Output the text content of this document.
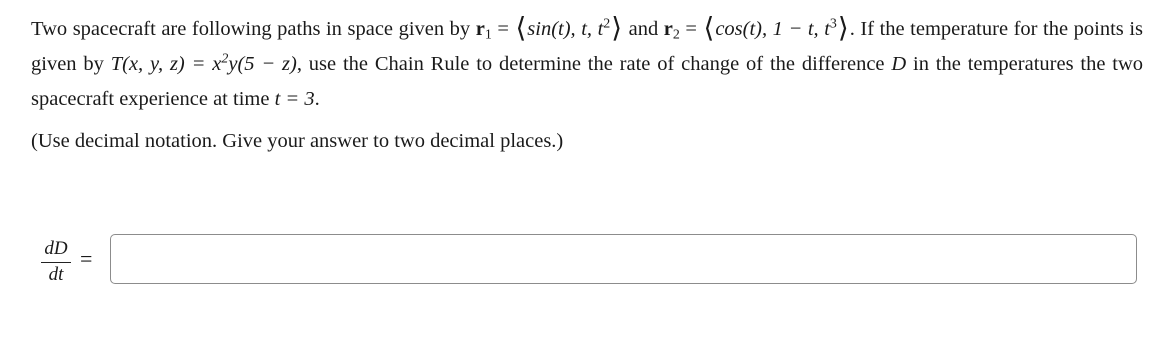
Two spacecraft are following paths in space given by $r_1$ = ⟨sin(t), t, $t^2⟩$ and $r_2$ = ⟨cos(t), 1 − t, $t^3⟩$. If the temperature for the points is given by T(x, y, $z) = x^2y(5 - z)$, use the Chain Rule to determine the rate of change of the difference D in the temperatures the two spacecraft experience at time t = 3.
(Use decimal notation. Give your answer to two decimal places.)
dD
dt
=
